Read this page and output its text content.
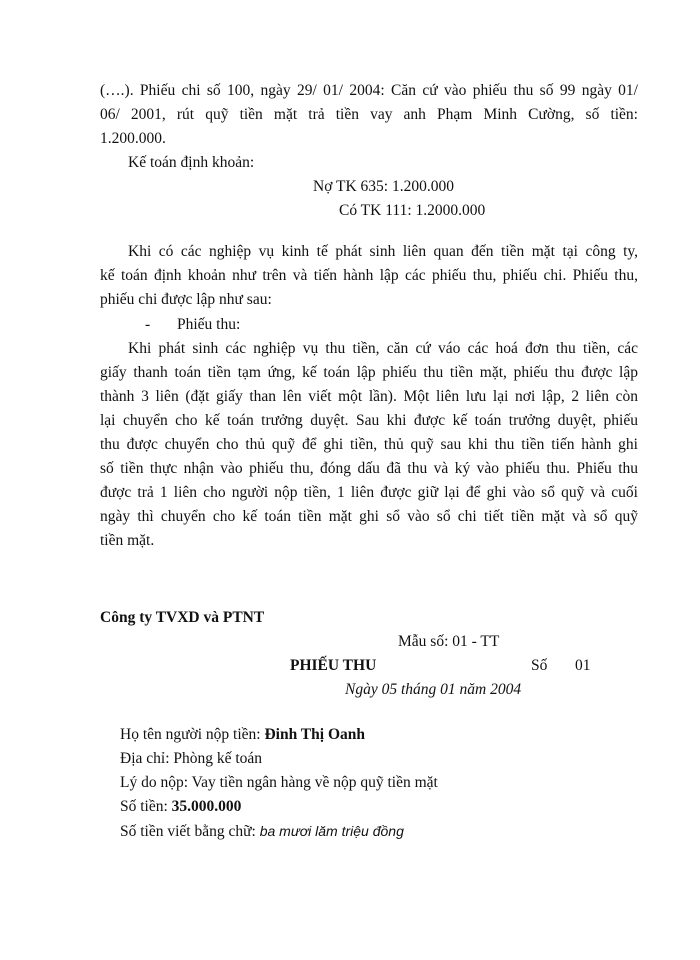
(….). Phiếu chi số 100, ngày 29/ 01/ 2004: Căn cứ vào phiếu thu số 99 ngày 01/
06/ 2001, rút quỹ tiền mặt trả tiền vay anh Phạm Minh Cường, số tiền:
1.200.000.
Kế toán định khoản:
Nợ TK 635: 1.200.000
Có TK 111: 1.2000.000
Khi có các nghiệp vụ kinh tế phát sinh liên quan đến tiền mặt tại công ty,
kế toán định khoản như trên và tiến hành lập các phiếu thu, phiếu chi. Phiếu thu,
phiếu chi được lập như sau:
- Phiếu thu:
Khi phát sinh các nghiệp vụ thu tiền, căn cứ váo các hoá đơn thu tiền, các
giấy thanh toán tiền tạm ứng, kế toán lập phiếu thu tiền mặt, phiếu thu được lập
thành 3 liên (đặt giấy than lên viết một lần). Một liên lưu lại nơi lập, 2 liên còn
lại chuyển cho kế toán trưởng duyệt. Sau khi được kế toán trưởng duyệt, phiếu
thu được chuyển cho thủ quỹ để ghi tiền, thủ quỹ sau khi thu tiền tiến hành ghi
số tiền thực nhận vào phiếu thu, đóng dấu đã thu và ký vào phiếu thu. Phiếu thu
được trả 1 liên cho người nộp tiền, 1 liên được giữ lại để ghi vào sổ quỹ và cuối
ngày thì chuyển cho kế toán tiền mặt ghi sổ vào sổ chi tiết tiền mặt và sổ quỹ
tiền mặt.
Công ty TVXD và PTNT
Mẫu số: 01 - TT
PHIẾU THU	Số 01
Ngày 05 tháng 01 năm 2004
Họ tên người nộp tiền: Đinh Thị Oanh
Địa chỉ: Phòng kế toán
Lý do nộp: Vay tiền ngân hàng về nộp quỹ tiền mặt
Số tiền: 35.000.000
Số tiền viết bằng chữ: ba mươi lăm triệu đồng
